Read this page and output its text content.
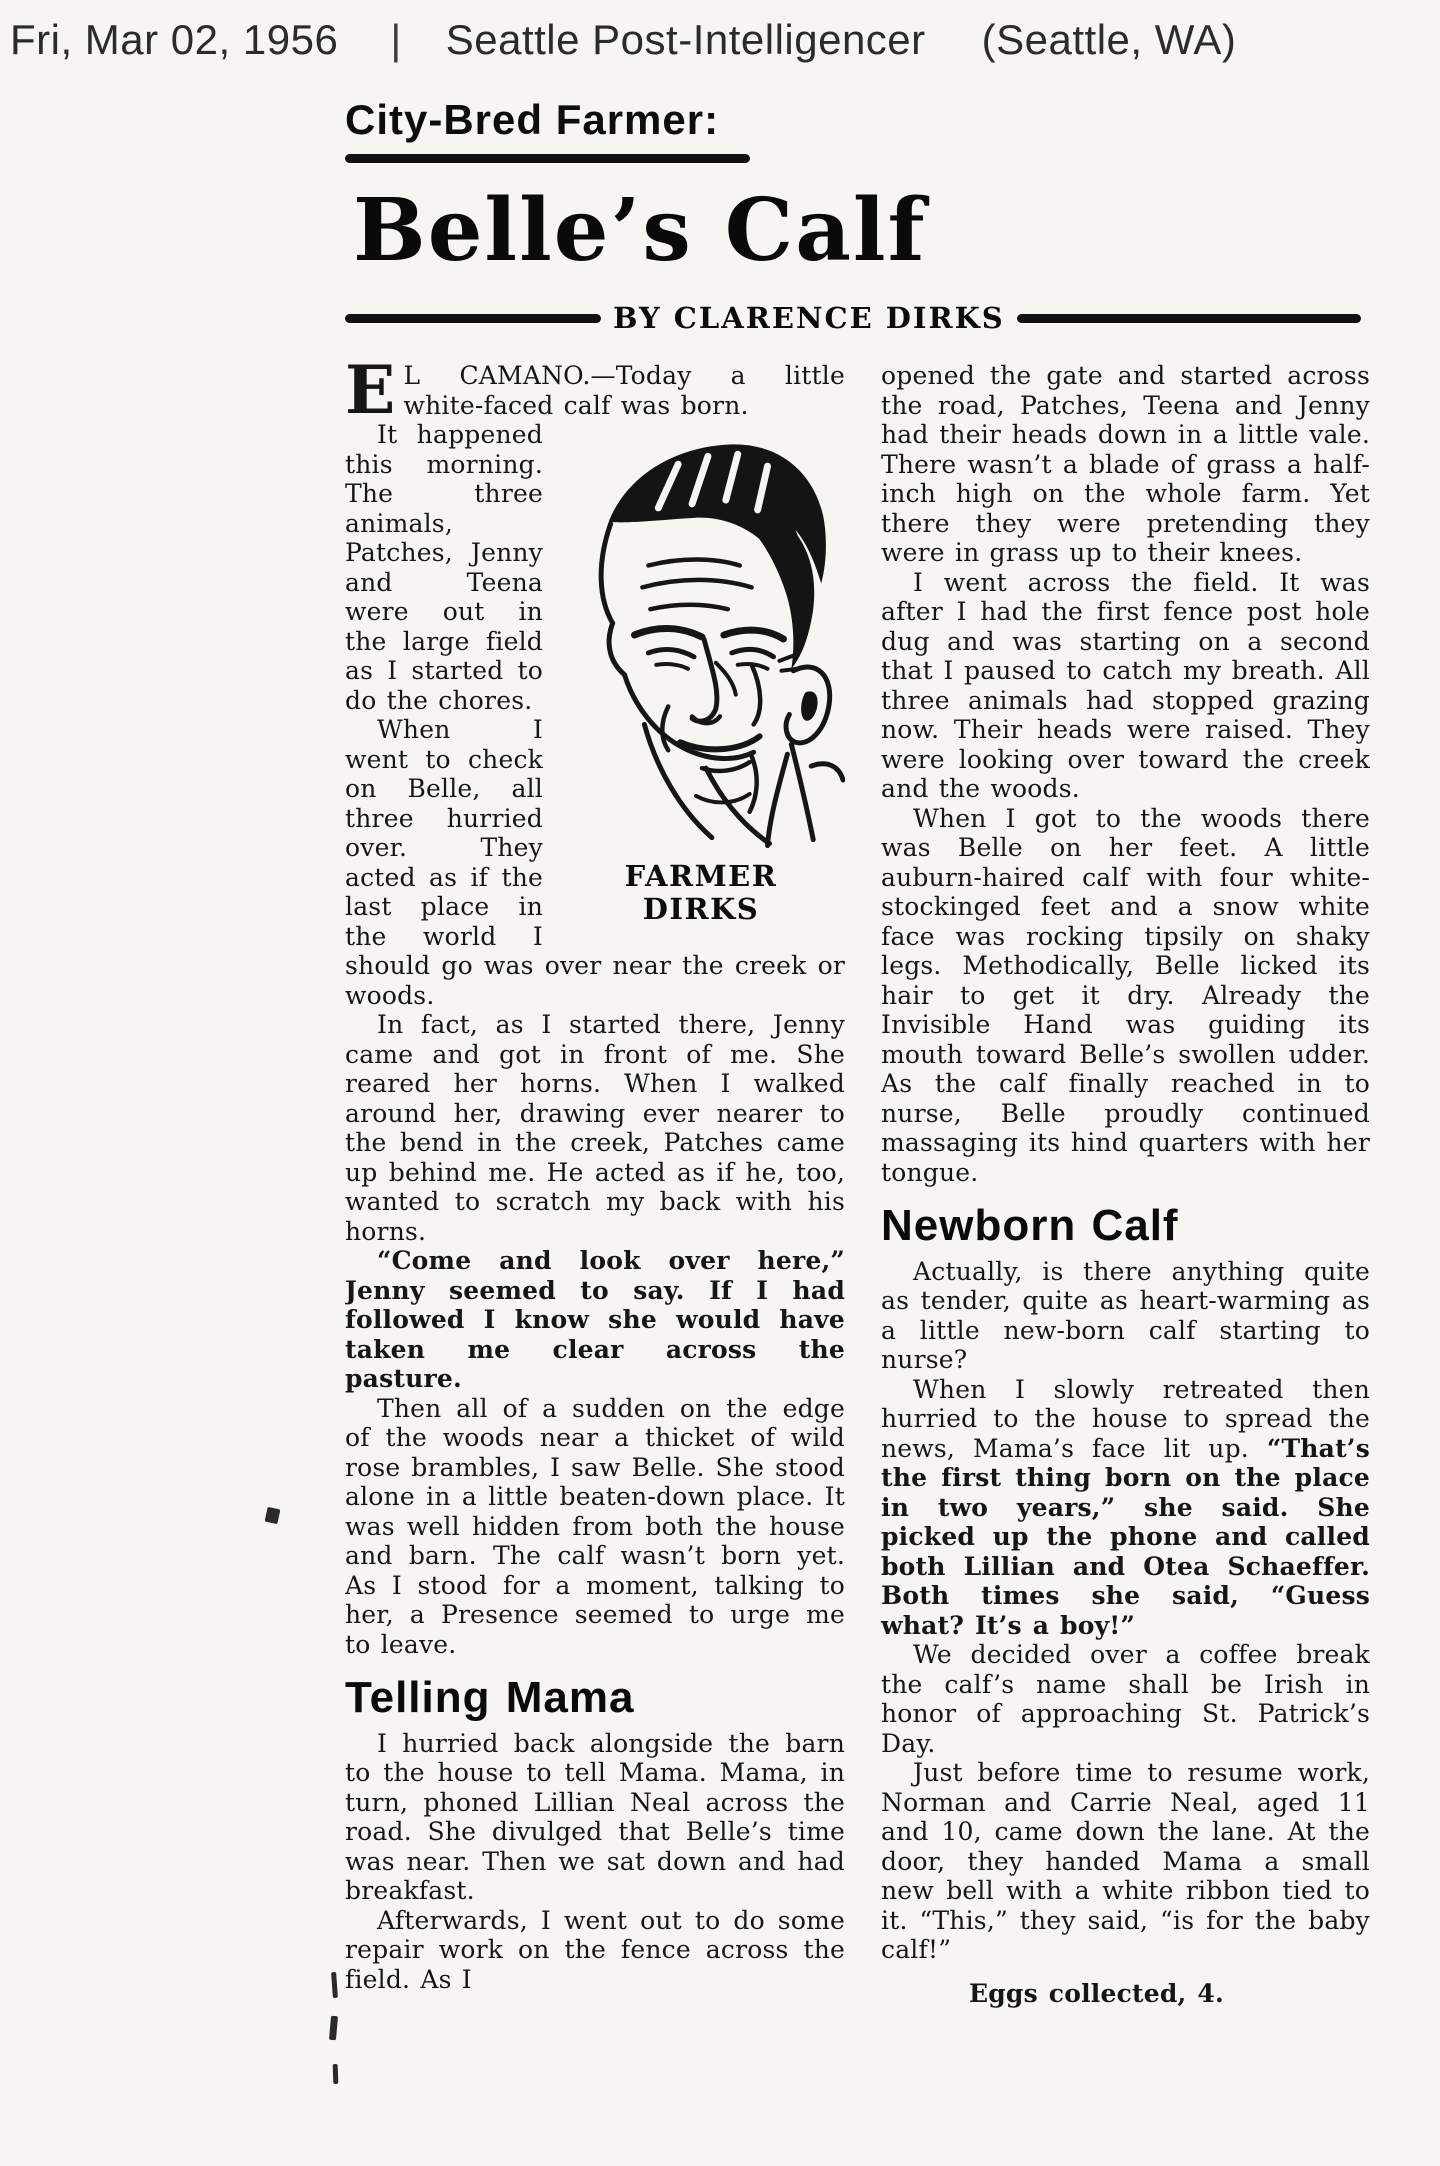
Fri, Mar 02, 1956 | Seattle Post-Intelligencer (Seattle, WA)
City-Bred Farmer:
Belle’s Calf
BY CLARENCE DIRKS

E L CAMANO.—Today a little white-faced calf was born.

FARMER
DIRKS

It happened this morning. The three animals, Patches, Jenny and Teena were out in the large field as I started to do the chores.

When I went to check on Belle, all three hurried over. They acted as if the last place in the world I should go was over near the creek or woods.

In fact, as I started there, Jenny came and got in front of me. She reared her horns. When I walked around her, drawing ever nearer to the bend in the creek, Patches came up behind me. He acted as if he, too, wanted to scratch my back with his horns.

“Come and look over here,” Jenny seemed to say. If I had followed I know she would have taken me clear across the pasture.

Then all of a sudden on the edge of the woods near a thicket of wild rose brambles, I saw Belle. She stood alone in a little beaten-down place. It was well hidden from both the house and barn. The calf wasn’t born yet. As I stood for a moment, talking to her, a Presence seemed to urge me to leave.

Telling Mama

I hurried back alongside the barn to the house to tell Mama. Mama, in turn, phoned Lillian Neal across the road. She divulged that Belle’s time was near. Then we sat down and had breakfast.

Afterwards, I went out to do some repair work on the fence across the field. As I

opened the gate and started across the road, Patches, Teena and Jenny had their heads down in a little vale. There wasn’t a blade of grass a half-inch high on the whole farm. Yet there they were pretending they were in grass up to their knees.

I went across the field. It was after I had the first fence post hole dug and was starting on a second that I paused to catch my breath. All three animals had stopped grazing now. Their heads were raised. They were looking over toward the creek and the woods.

When I got to the woods there was Belle on her feet. A little auburn-haired calf with four white-stockinged feet and a snow white face was rocking tipsily on shaky legs. Methodically, Belle licked its hair to get it dry. Already the Invisible Hand was guiding its mouth toward Belle’s swollen udder. As the calf finally reached in to nurse, Belle proudly continued massaging its hind quarters with her tongue.

Newborn Calf

Actually, is there anything quite as tender, quite as heart-warming as a little new-born calf starting to nurse?

When I slowly retreated then hurried to the house to spread the news, Mama’s face lit up. “That’s the first thing born on the place in two years,” she said. She picked up the phone and called both Lillian and Otea Schaeffer. Both times she said, “Guess what? It’s a boy!”

We decided over a coffee break the calf’s name shall be Irish in honor of approaching St. Patrick’s Day.

Just before time to resume work, Norman and Carrie Neal, aged 11 and 10, came down the lane. At the door, they handed Mama a small new bell with a white ribbon tied to it. “This,” they said, “is for the baby calf!”

Eggs collected, 4.
